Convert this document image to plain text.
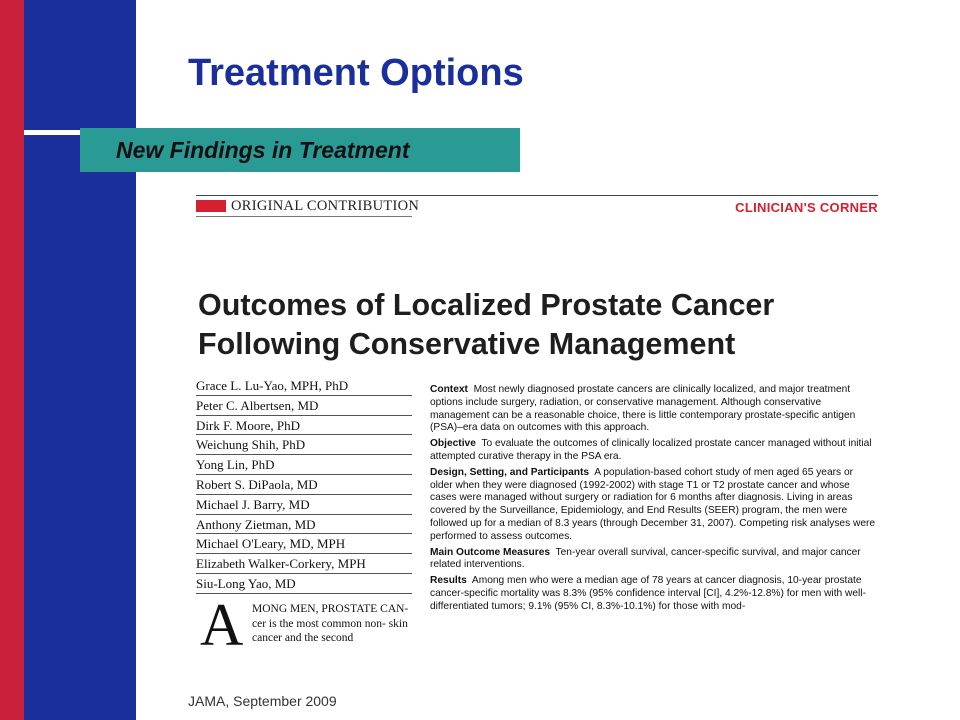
Treatment Options
New Findings in Treatment
ORIGINAL CONTRIBUTION	CLINICIAN'S CORNER
Outcomes of Localized Prostate Cancer
Following Conservative Management
Grace L. Lu-Yao, MPH, PhD
Peter C. Albertsen, MD
Dirk F. Moore, PhD
Weichung Shih, PhD
Yong Lin, PhD
Robert S. DiPaola, MD
Michael J. Barry, MD
Anthony Zietman, MD
Michael O'Leary, MD, MPH
Elizabeth Walker-Corkery, MPH
Siu-Long Yao, MD
A MONG MEN, PROSTATE CAN- cer is the most common non- skin cancer and the second
Context Most newly diagnosed prostate cancers are clinically localized, and major treatment options include surgery, radiation, or conservative management. Although conservative management can be a reasonable choice, there is little contemporary prostate-specific antigen (PSA)–era data on outcomes with this approach.
Objective To evaluate the outcomes of clinically localized prostate cancer managed without initial attempted curative therapy in the PSA era.
Design, Setting, and Participants A population-based cohort study of men aged 65 years or older when they were diagnosed (1992-2002) with stage T1 or T2 prostate cancer and whose cases were managed without surgery or radiation for 6 months after diagnosis. Living in areas covered by the Surveillance, Epidemiology, and End Results (SEER) program, the men were followed up for a median of 8.3 years (through December 31, 2007). Competing risk analyses were performed to assess outcomes.
Main Outcome Measures Ten-year overall survival, cancer-specific survival, and major cancer related interventions.
Results Among men who were a median age of 78 years at cancer diagnosis, 10-year prostate cancer-specific mortality was 8.3% (95% confidence interval [CI], 4.2%-12.8%) for men with well-differentiated tumors; 9.1% (95% CI, 8.3%-10.1%) for those with mod-
JAMA, September 2009
